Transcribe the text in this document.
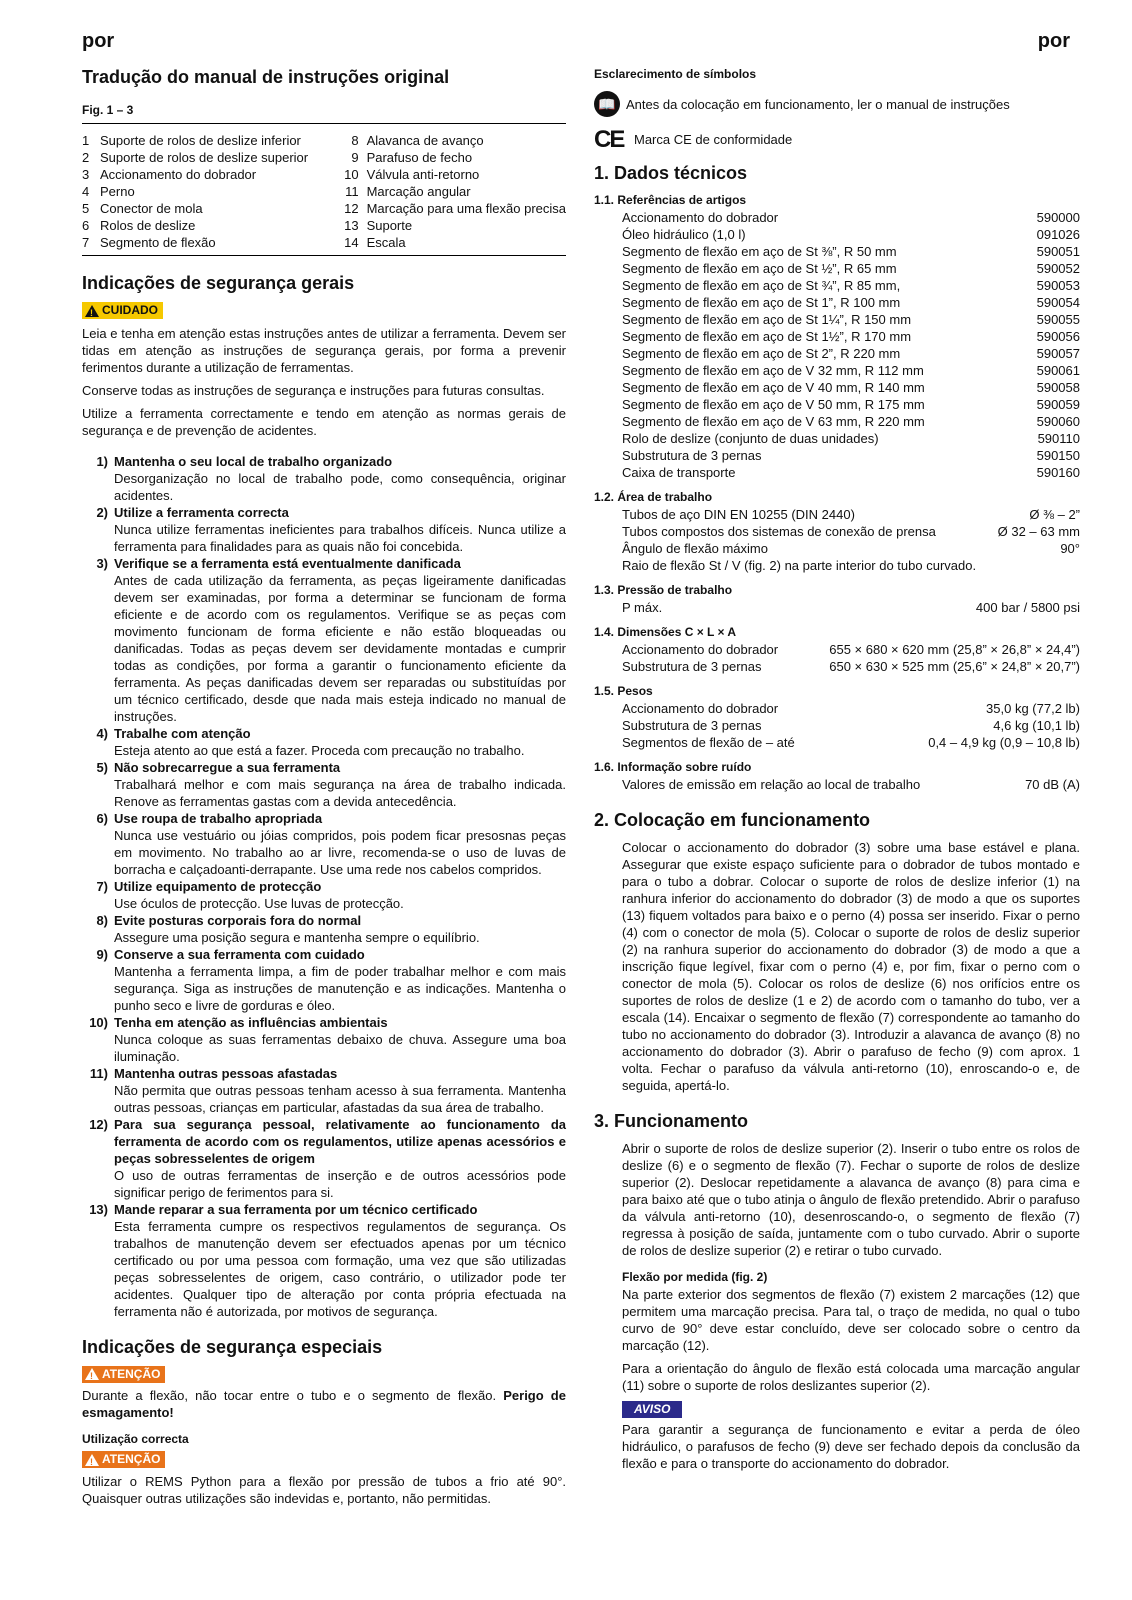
por	por
Tradução do manual de instruções original
Fig. 1 – 3
1	Suporte de rolos de deslize inferior
2	Suporte de rolos de deslize superior
3	Accionamento do dobrador
4	Perno
5	Conector de mola
6	Rolos de deslize
7	Segmento de flexão
8	Alavanca de avanço
9	Parafuso de fecho
10	Válvula anti-retorno
11	Marcação angular
12	Marcação para uma flexão precisa
13	Suporte
14	Escala
Indicações de segurança gerais
!
CUIDADO

Leia e tenha em atenção estas instruções antes de utilizar a ferramenta. Devem ser tidas em atenção as instruções de segurança gerais, por forma a prevenir ferimentos durante a utilização de ferramentas.

Conserve todas as instruções de segurança e instruções para futuras consultas.

Utilize a ferramenta correctamente e tendo em atenção as normas gerais de segurança e de prevenção de acidentes.

1) Mantenha o seu local de trabalho organizado
Desorganização no local de trabalho pode, como consequência, originar acidentes.
2) Utilize a ferramenta correcta
Nunca utilize ferramentas ineficientes para trabalhos difíceis. Nunca utilize a ferramenta para finalidades para as quais não foi concebida.
3) Verifique se a ferramenta está eventualmente danificada
Antes de cada utilização da ferramenta, as peças ligeiramente danificadas devem ser examinadas, por forma a determinar se funcionam de forma eficiente e de acordo com os regulamentos. Verifique se as peças com movimento funcionam de forma eficiente e não estão bloqueadas ou danificadas. Todas as peças devem ser devidamente montadas e cumprir todas as condições, por forma a garantir o funcionamento eficiente da ferramenta. As peças danificadas devem ser reparadas ou substituídas por um técnico certificado, desde que nada mais esteja indicado no manual de instruções.
4) Trabalhe com atenção
Esteja atento ao que está a fazer. Proceda com precaução no trabalho.
5) Não sobrecarregue a sua ferramenta
Trabalhará melhor e com mais segurança na área de trabalho indicada. Renove as ferramentas gastas com a devida antecedência.
6) Use roupa de trabalho apropriada
Nunca use vestuário ou jóias compridos, pois podem ficar presosnas peças em movimento. No trabalho ao ar livre, recomenda-se o uso de luvas de borracha e calçadoanti-derrapante. Use uma rede nos cabelos compridos.
7) Utilize equipamento de protecção
Use óculos de protecção. Use luvas de protecção.
8) Evite posturas corporais fora do normal
Assegure uma posição segura e mantenha sempre o equilíbrio.
9) Conserve a sua ferramenta com cuidado
Mantenha a ferramenta limpa, a fim de poder trabalhar melhor e com mais segurança. Siga as instruções de manutenção e as indicações. Mantenha o punho seco e livre de gorduras e óleo.
10) Tenha em atenção as influências ambientais
Nunca coloque as suas ferramentas debaixo de chuva. Assegure uma boa iluminação.
11) Mantenha outras pessoas afastadas
Não permita que outras pessoas tenham acesso à sua ferramenta. Mantenha outras pessoas, crianças em particular, afastadas da sua área de trabalho.
12) Para sua segurança pessoal, relativamente ao funcionamento da ferramenta de acordo com os regulamentos, utilize apenas acessórios e peças sobresselentes de origem
O uso de outras ferramentas de inserção e de outros acessórios pode significar perigo de ferimentos para si.
13) Mande reparar a sua ferramenta por um técnico certificado
Esta ferramenta cumpre os respectivos regulamentos de segurança. Os trabalhos de manutenção devem ser efectuados apenas por um técnico certificado ou por uma pessoa com formação, uma vez que são utilizadas peças sobresselentes de origem, caso contrário, o utilizador pode ter acidentes. Qualquer tipo de alteração por conta própria efectuada na ferramenta não é autorizada, por motivos de segurança.
Indicações de segurança especiais
!
ATENÇÃO

Durante a flexão, não tocar entre o tubo e o segmento de flexão. Perigo de esmagamento!

Utilização correcta
!
ATENÇÃO

Utilizar o REMS Python para a flexão por pressão de tubos a frio até 90°. Quaisquer outras utilizações são indevidas e, portanto, não permitidas.

Esclarecimento de símbolos
📖 Antes da colocação em funcionamento, ler o manual de instruções
CE Marca CE de conformidade
1. Dados técnicos
1.1. Referências de artigos
Accionamento do dobrador	590000
Óleo hidráulico (1,0 l)	091026
Segmento de flexão em aço de St ⅜”, R 50 mm	590051
Segmento de flexão em aço de St ½”, R 65 mm	590052
Segmento de flexão em aço de St ¾”, R 85 mm,	590053
Segmento de flexão em aço de St 1”, R 100 mm	590054
Segmento de flexão em aço de St 1¼”, R 150 mm	590055
Segmento de flexão em aço de St 1½”, R 170 mm	590056
Segmento de flexão em aço de St 2”, R 220 mm	590057
Segmento de flexão em aço de V 32 mm, R 112 mm	590061
Segmento de flexão em aço de V 40 mm, R 140 mm	590058
Segmento de flexão em aço de V 50 mm, R 175 mm	590059
Segmento de flexão em aço de V 63 mm, R 220 mm	590060
Rolo de deslize (conjunto de duas unidades)	590110
Substrutura de 3 pernas	590150
Caixa de transporte	590160
1.2. Área de trabalho
Tubos de aço DIN EN 10255 (DIN 2440)	Ø ⅜ – 2”
Tubos compostos dos sistemas de conexão de prensa	Ø 32 – 63 mm
Ângulo de flexão máximo	90°
Raio de flexão St / V (fig. 2) na parte interior do tubo curvado.
1.3. Pressão de trabalho
P máx.	400 bar / 5800 psi
1.4. Dimensões C × L × A
Accionamento do dobrador	655 × 680 × 620 mm (25,8” × 26,8” × 24,4”)
Substrutura de 3 pernas	650 × 630 × 525 mm (25,6” × 24,8” × 20,7”)
1.5. Pesos
Accionamento do dobrador	35,0 kg (77,2 lb)
Substrutura de 3 pernas	4,6 kg (10,1 lb)
Segmentos de flexão de – até	0,4 – 4,9 kg (0,9 – 10,8 lb)
1.6. Informação sobre ruído
Valores de emissão em relação ao local de trabalho	70 dB (A)
2. Colocação em funcionamento

Colocar o accionamento do dobrador (3) sobre uma base estável e plana. Assegurar que existe espaço suficiente para o dobrador de tubos montado e para o tubo a dobrar. Colocar o suporte de rolos de deslize inferior (1) na ranhura inferior do accionamento do dobrador (3) de modo a que os suportes (13) fiquem voltados para baixo e o perno (4) possa ser inserido. Fixar o perno (4) com o conector de mola (5). Colocar o suporte de rolos de desliz superior (2) na ranhura superior do accionamento do dobrador (3) de modo a que a inscrição fique legível, fixar com o perno (4) e, por fim, fixar o perno com o conector de mola (5). Colocar os rolos de deslize (6) nos orifícios entre os suportes de rolos de deslize (1 e 2) de acordo com o tamanho do tubo, ver a escala (14). Encaixar o segmento de flexão (7) correspondente ao tamanho do tubo no accionamento do dobrador (3). Introduzir a alavanca de avanço (8) no accionamento do dobrador (3). Abrir o parafuso de fecho (9) com aprox. 1 volta. Fechar o parafuso da válvula anti-retorno (10), enroscando-o e, de seguida, apertá-lo.

3. Funcionamento

Abrir o suporte de rolos de deslize superior (2). Inserir o tubo entre os rolos de deslize (6) e o segmento de flexão (7). Fechar o suporte de rolos de deslize superior (2). Deslocar repetidamente a alavanca de avanço (8) para cima e para baixo até que o tubo atinja o ângulo de flexão pretendido. Abrir o parafuso da válvula anti-retorno (10), desenroscando-o, o segmento de flexão (7) regressa à posição de saída, juntamente com o tubo curvado. Abrir o suporte de rolos de deslize superior (2) e retirar o tubo curvado.

Flexão por medida (fig. 2)

Na parte exterior dos segmentos de flexão (7) existem 2 marcações (12) que permitem uma marcação precisa. Para tal, o traço de medida, no qual o tubo curvo de 90° deve estar concluído, deve ser colocado sobre o centro da marcação (12).

Para a orientação do ângulo de flexão está colocada uma marcação angular (11) sobre o suporte de rolos deslizantes superior (2).

AVISO

Para garantir a segurança de funcionamento e evitar a perda de óleo hidráulico, o parafusos de fecho (9) deve ser fechado depois da conclusão da flexão e para o transporte do accionamento do dobrador.
